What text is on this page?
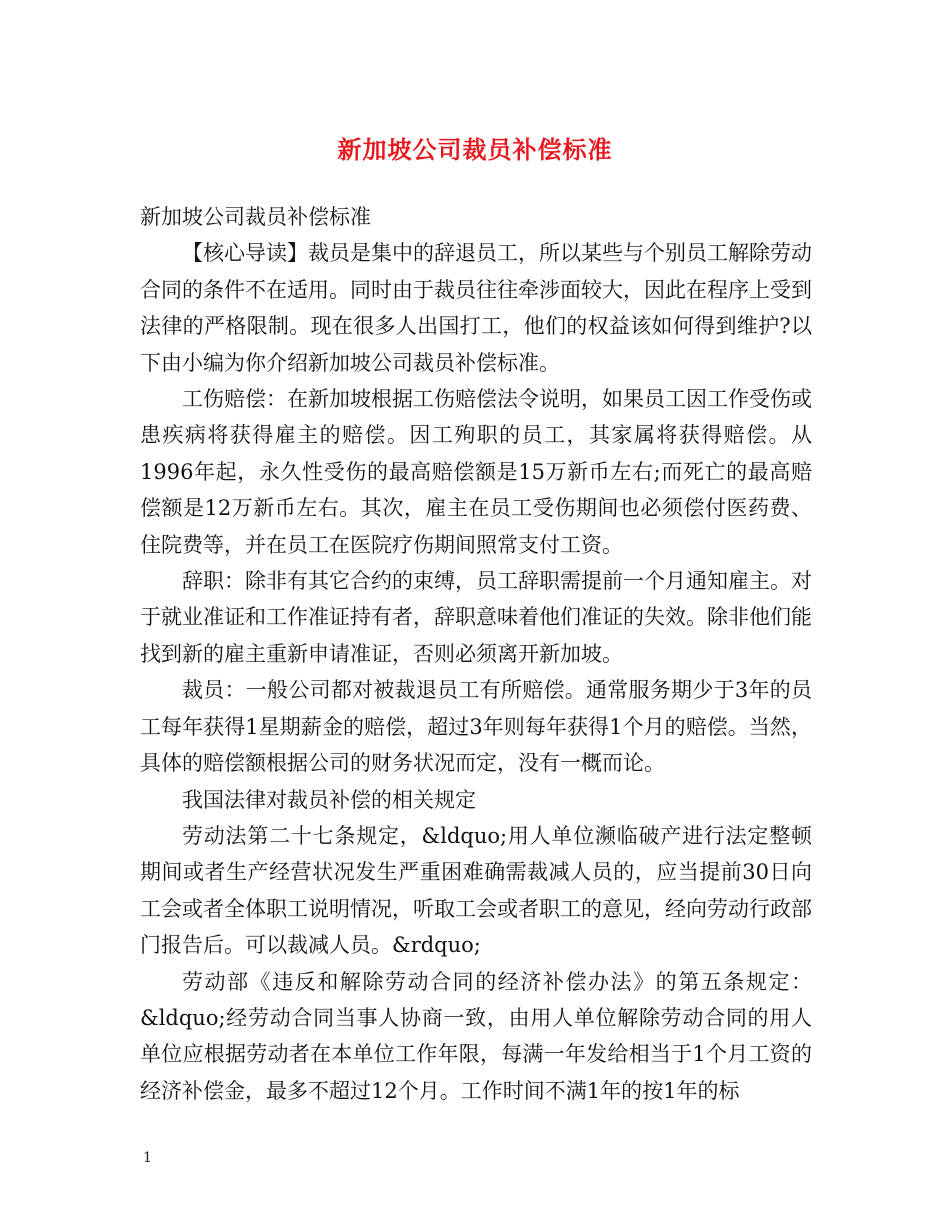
新加坡公司裁员补偿标准

新加坡公司裁员补偿标准

【核心导读】裁员是集中的辞退员工，所以某些与个别员工解除劳动合同的条件不在适用。同时由于裁员往往牵涉面较大，因此在程序上受到法律的严格限制。现在很多人出国打工，他们的权益该如何得到维护?以下由小编为你介绍新加坡公司裁员补偿标准。

工伤赔偿：在新加坡根据工伤赔偿法令说明，如果员工因工作受伤或患疾病将获得雇主的赔偿。因工殉职的员工，其家属将获得赔偿。从1996年起，永久性受伤的最高赔偿额是15万新币左右;而死亡的最高赔偿额是12万新币左右。其次，雇主在员工受伤期间也必须偿付医药费、住院费等，并在员工在医院疗伤期间照常支付工资。

辞职：除非有其它合约的束缚，员工辞职需提前一个月通知雇主。对于就业准证和工作准证持有者，辞职意味着他们准证的失效。除非他们能找到新的雇主重新申请准证，否则必须离开新加坡。

裁员：一般公司都对被裁退员工有所赔偿。通常服务期少于3年的员工每年获得1星期薪金的赔偿，超过3年则每年获得1个月的赔偿。当然，具体的赔偿额根据公司的财务状况而定，没有一概而论。

我国法律对裁员补偿的相关规定

劳动法第二十七条规定，&ldquo;用人单位濒临破产进行法定整顿期间或者生产经营状况发生严重困难确需裁减人员的，应当提前30日向工会或者全体职工说明情况，听取工会或者职工的意见，经向劳动行政部门报告后。可以裁减人员。&rdquo;

劳动部《违反和解除劳动合同的经济补偿办法》的第五条规定：&ldquo;经劳动合同当事人协商一致，由用人单位解除劳动合同的用人单位应根据劳动者在本单位工作年限，每满一年发给相当于1个月工资的经济补偿金，最多不超过12个月。工作时间不满1年的按1年的标

1
